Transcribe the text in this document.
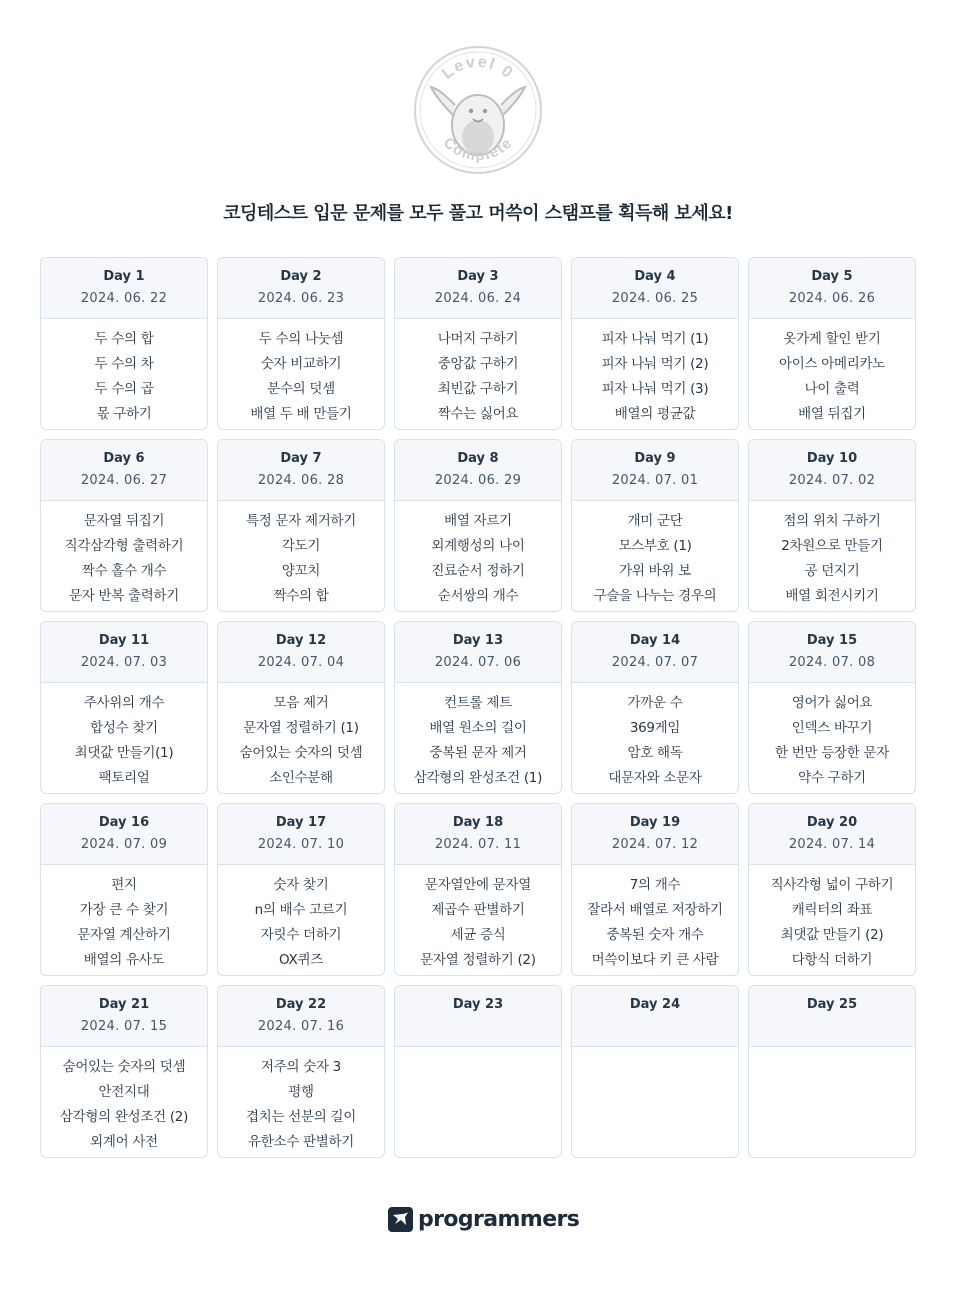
Level 0
Complete
코딩테스트 입문 문제를 모두 풀고 머쓱이 스탬프를 획득해 보세요!
Day 1
2024. 06. 22
두 수의 합
두 수의 차
두 수의 곱
몫 구하기
Day 2
2024. 06. 23
두 수의 나눗셈
숫자 비교하기
분수의 덧셈
배열 두 배 만들기
Day 3
2024. 06. 24
나머지 구하기
중앙값 구하기
최빈값 구하기
짝수는 싫어요
Day 4
2024. 06. 25
피자 나눠 먹기 (1)
피자 나눠 먹기 (2)
피자 나눠 먹기 (3)
배열의 평균값
Day 5
2024. 06. 26
옷가게 할인 받기
아이스 아메리카노
나이 출력
배열 뒤집기
Day 6
2024. 06. 27
문자열 뒤집기
직각삼각형 출력하기
짝수 홀수 개수
문자 반복 출력하기
Day 7
2024. 06. 28
특정 문자 제거하기
각도기
양꼬치
짝수의 합
Day 8
2024. 06. 29
배열 자르기
외계행성의 나이
진료순서 정하기
순서쌍의 개수
Day 9
2024. 07. 01
개미 군단
모스부호 (1)
가위 바위 보
구슬을 나누는 경우의
Day 10
2024. 07. 02
점의 위치 구하기
2차원으로 만들기
공 던지기
배열 회전시키기
Day 11
2024. 07. 03
주사위의 개수
합성수 찾기
최댓값 만들기(1)
팩토리얼
Day 12
2024. 07. 04
모음 제거
문자열 정렬하기 (1)
숨어있는 숫자의 덧셈
소인수분해
Day 13
2024. 07. 06
컨트롤 제트
배열 원소의 길이
중복된 문자 제거
삼각형의 완성조건 (1)
Day 14
2024. 07. 07
가까운 수
369게임
암호 해독
대문자와 소문자
Day 15
2024. 07. 08
영어가 싫어요
인덱스 바꾸기
한 번만 등장한 문자
약수 구하기
Day 16
2024. 07. 09
편지
가장 큰 수 찾기
문자열 계산하기
배열의 유사도
Day 17
2024. 07. 10
숫자 찾기
n의 배수 고르기
자릿수 더하기
OX퀴즈
Day 18
2024. 07. 11
문자열안에 문자열
제곱수 판별하기
세균 증식
문자열 정렬하기 (2)
Day 19
2024. 07. 12
7의 개수
잘라서 배열로 저장하기
중복된 숫자 개수
머쓱이보다 키 큰 사람
Day 20
2024. 07. 14
직사각형 넓이 구하기
캐릭터의 좌표
최댓값 만들기 (2)
다항식 더하기
Day 21
2024. 07. 15
숨어있는 숫자의 덧셈
안전지대
삼각형의 완성조건 (2)
외계어 사전
Day 22
2024. 07. 16
저주의 숫자 3
평행
겹치는 선분의 길이
유한소수 판별하기
Day 23	Day 24	Day 25
programmers
